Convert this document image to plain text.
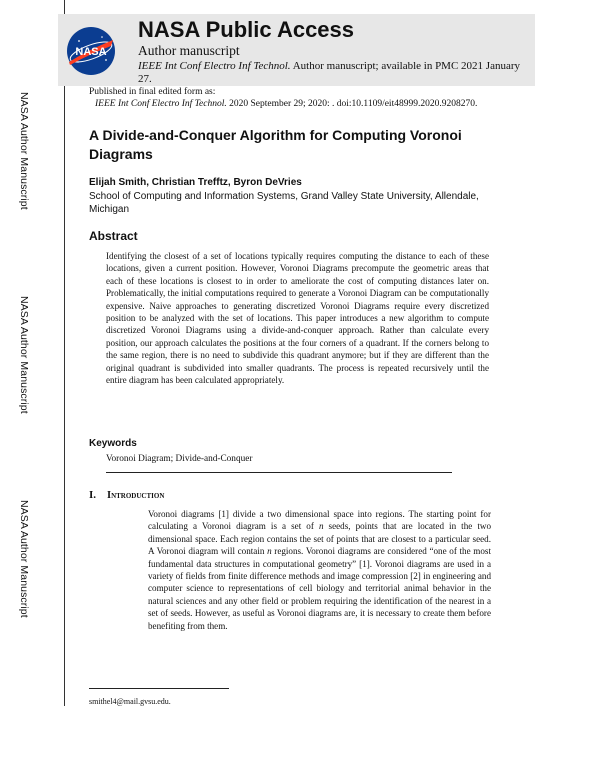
NASA Author Manuscript
NASA Author Manuscript
NASA Author Manuscript
NASA
NASA Public Access
Author manuscript
IEEE Int Conf Electro Inf Technol. Author manuscript; available in PMC 2021 January 27.
Published in final edited form as:
IEEE Int Conf Electro Inf Technol. 2020 September 29; 2020: . doi:10.1109/eit48999.2020.9208270.
A Divide-and-Conquer Algorithm for Computing Voronoi Diagrams
Elijah Smith, Christian Trefftz, Byron DeVries
School of Computing and Information Systems, Grand Valley State University, Allendale, Michigan
Abstract

Identifying the closest of a set of locations typically requires computing the distance to each of these locations, given a current position. However, Voronoi Diagrams precompute the geometric areas that each of these locations is closest to in order to ameliorate the cost of computing distances later on. Problematically, the initial computations required to generate a Voronoi Diagram can be computationally expensive. Naive approaches to generating discretized Voronoi Diagrams require every discretized position to be analyzed with the set of locations. This paper introduces a new algorithm to compute discretized Voronoi Diagrams using a divide-and-conquer approach. Rather than calculate every position, our approach calculates the positions at the four corners of a quadrant. If the corners belong to the same region, there is no need to subdivide this quadrant anymore; but if they are different than the original quadrant is subdivided into smaller quadrants. The process is repeated recursively until the entire diagram has been calculated appropriately.

Keywords
Voronoi Diagram; Divide-and-Conquer
I. Introduction

Voronoi diagrams [1] divide a two dimensional space into regions. The starting point for calculating a Voronoi diagram is a set of n seeds, points that are located in the two dimensional space. Each region contains the set of points that are closest to a particular seed. A Voronoi diagram will contain n regions. Voronoi diagrams are considered “one of the most fundamental data structures in computational geometry” [1]. Voronoi diagrams are used in a variety of fields from finite difference methods and image compression [2] in engineering and computer science to representations of cell biology and territorial animal behavior in the natural sciences and any other field or problem requiring the identification of the nearest in a set of seeds. However, as useful as Voronoi diagrams are, it is necessary to create them before benefiting from them.

smithel4@mail.gvsu.edu.
